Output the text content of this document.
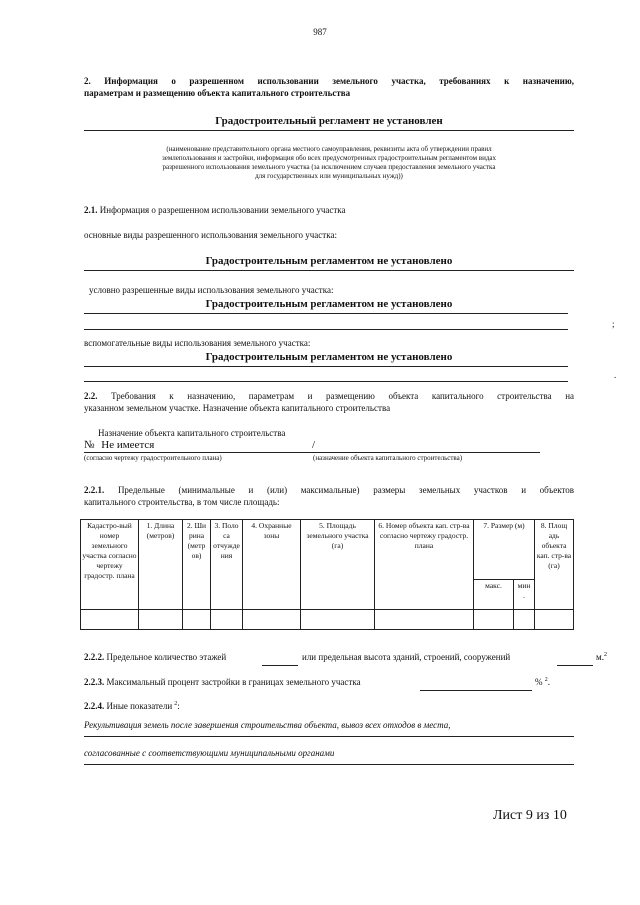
987
2. Информация о разрешенном использовании земельного участка, требованиях к назначению,
параметрам и размещению объекта капитального строительства
Градостроительный регламент не установлен
(наименование представительного органа местного самоуправления, реквизиты акта об утверждении правил
землепользования и застройки, информация обо всех предусмотренных градостроительным регламентом видах
разрешенного использования земельного участка (за исключением случаев предоставления земельного участка
для государственных или муниципальных нужд))
2.1. Информация о разрешенном использовании земельного участка
основные виды разрешенного использования земельного участка:
Градостроительным регламентом не установлено
условно разрешенные виды использования земельного участка:
Градостроительным регламентом не установлено
;
вспомогательные виды использования земельного участка:
Градостроительным регламентом не установлено
.
2.2. Требования к назначению, параметрам и размещению объекта капитального строительства на
указанном земельном участке. Назначение объекта капитального строительства
Назначение объекта капитального строительства
№ Не имеется	/
(согласно чертежу градостроительного плана)	(назначение объекта капитального строительства)
2.2.1. Предельные (минимальные и (или) максимальные) размеры земельных участков и объектов
капитального строительства, в том числе площадь:
Кадастро-вый номер земельного участка согласно чертежу градостр. плана	1. Длина (метров)	2. Ши рина (метр ов)	3. Поло са отчужде ния	4. Охранные зоны	5. Площадь земельного участка (га)	6. Номер объекта кап. стр-ва согласно чертежу градостр. плана	7. Размер (м)		8. Площ адь объекта кап. стр-ва (га)
							макс.	мин
.	

2.2.2. Предельное количество этажей	или предельная высота зданий, строений, сооружений	м.$^2$
2.2.3. Максимальный процент застройки в границах земельного участка	% $^2$.
2.2.4. Иные показатели $^2$:
Рекультивация земель после завершения строительства объекта, вывоз всех отходов в места,
согласованные с соответствующими муниципальными органами
Лист 9 из 10
